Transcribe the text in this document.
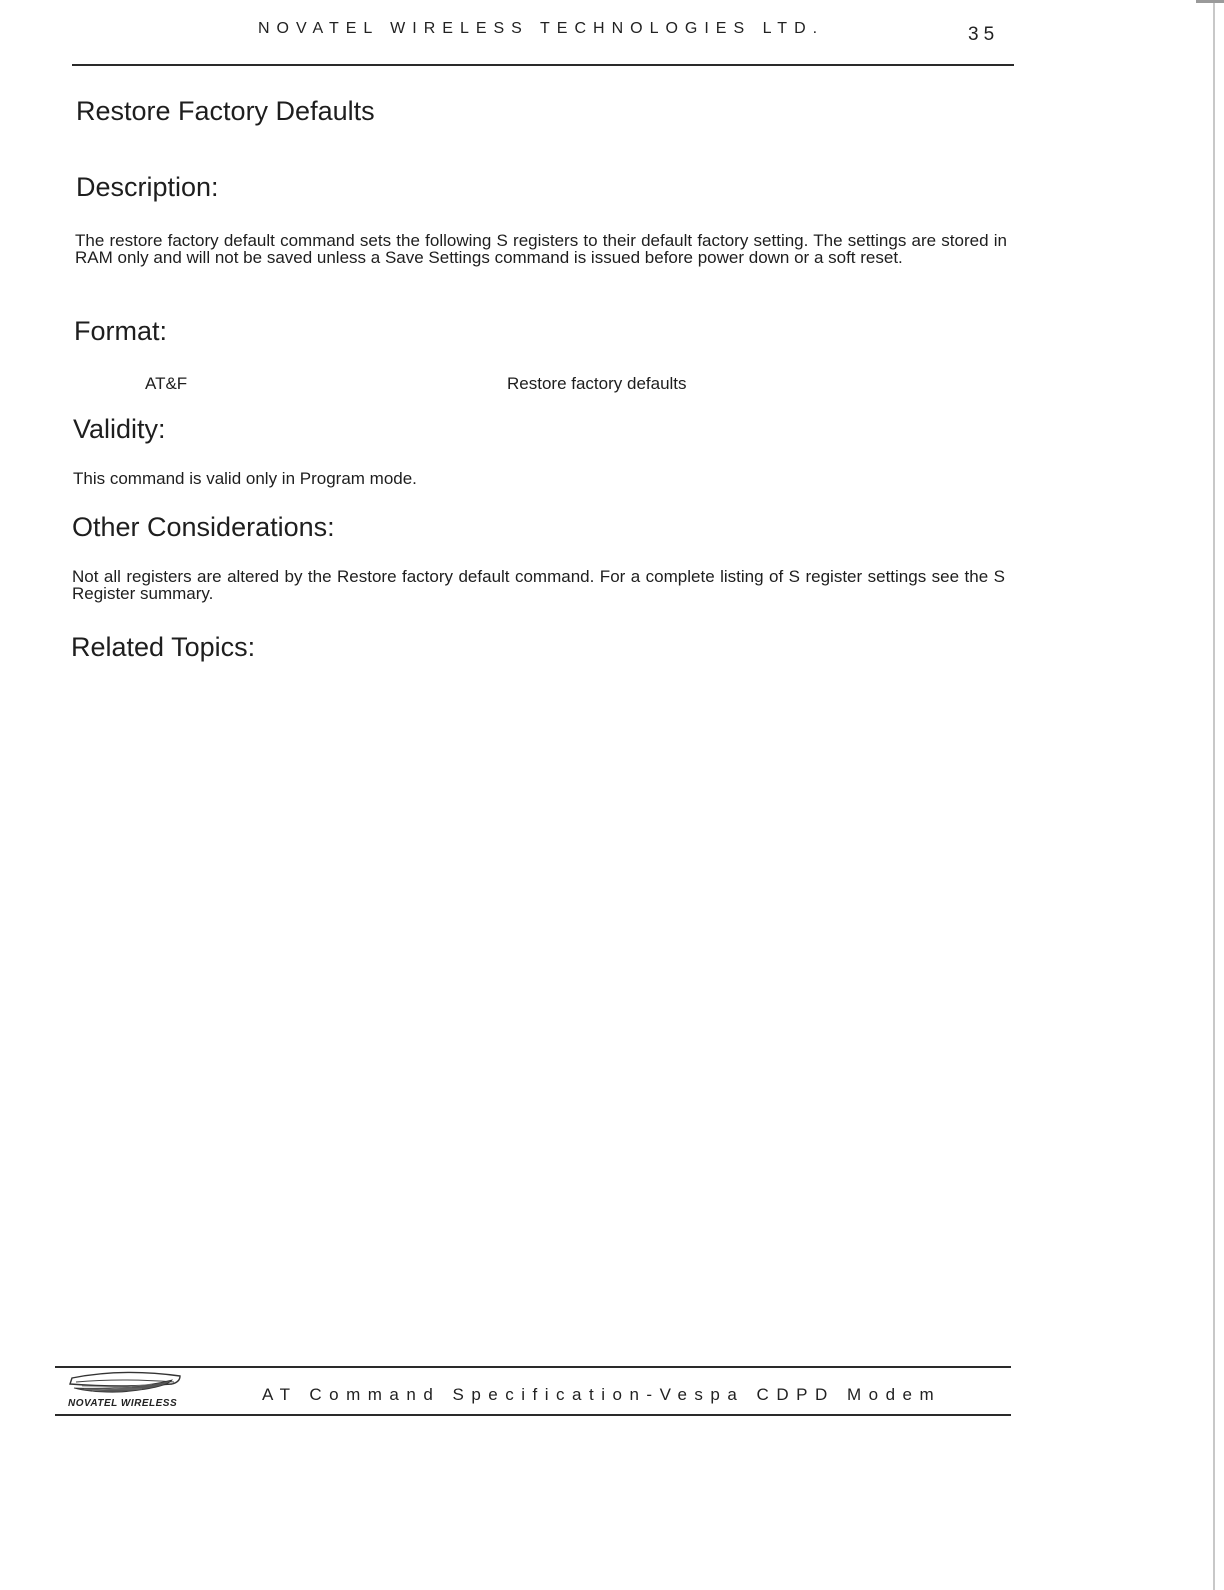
NOVATEL WIRELESS TECHNOLOGIES LTD.	35
Restore Factory Defaults
Description:
The restore factory default command sets the following S registers to their default factory setting. The settings are stored in RAM only and will not be saved unless a Save Settings command is issued before power down or a soft reset.
Format:
AT&F	Restore factory defaults
Validity:
This command is valid only in Program mode.
Other Considerations:
Not all registers are altered by the Restore factory default command. For a complete listing of S register settings see the S Register summary.
Related Topics:
NOVATEL WIRELESS	AT Command Specification-Vespa CDPD Modem
